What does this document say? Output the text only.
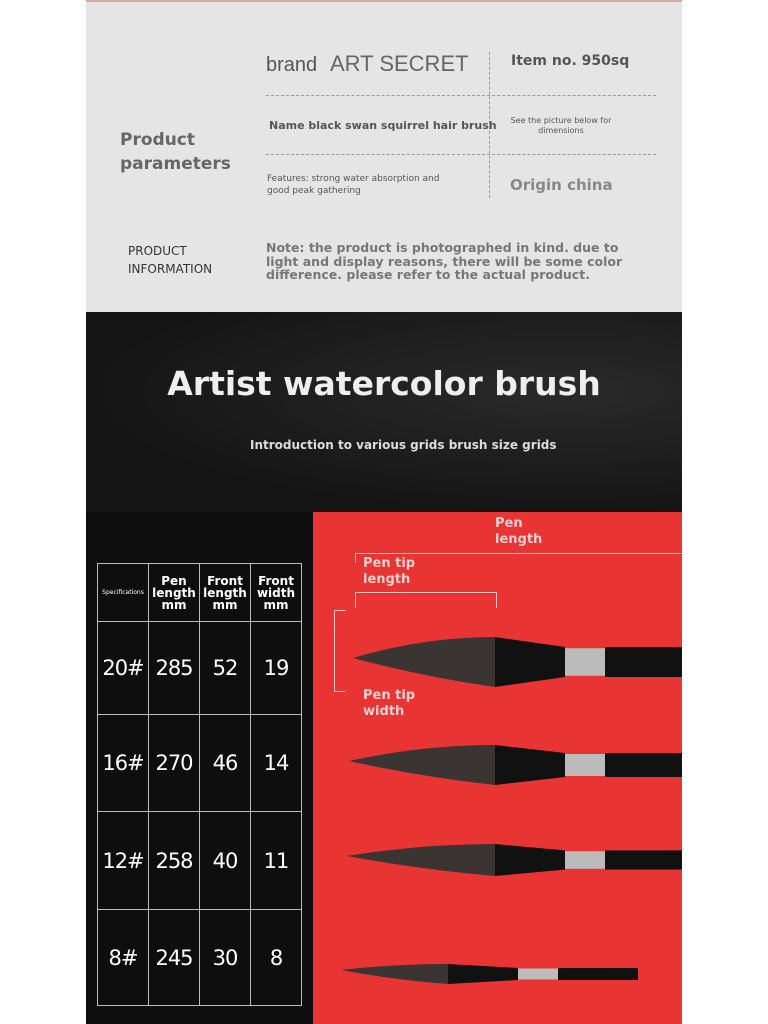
Product parameters
brand ART SECRET	Item no. 950sq
Name black swan squirrel hair brush	See the picture below for dimensions
Features: strong water absorption and good peak gathering	Origin china
PRODUCT INFORMATION
Note: the product is photographed in kind. due to light and display reasons, there will be some color difference. please refer to the actual product.
Artist watercolor brush
Introduction to various grids brush size grids
Specifications	Pen length mm	Front length mm	Front width mm
20#	285	52	19
16#	270	46	14
12#	258	40	11
8#	245	30	8
Pen length
Pen tip length
Pen tip width
